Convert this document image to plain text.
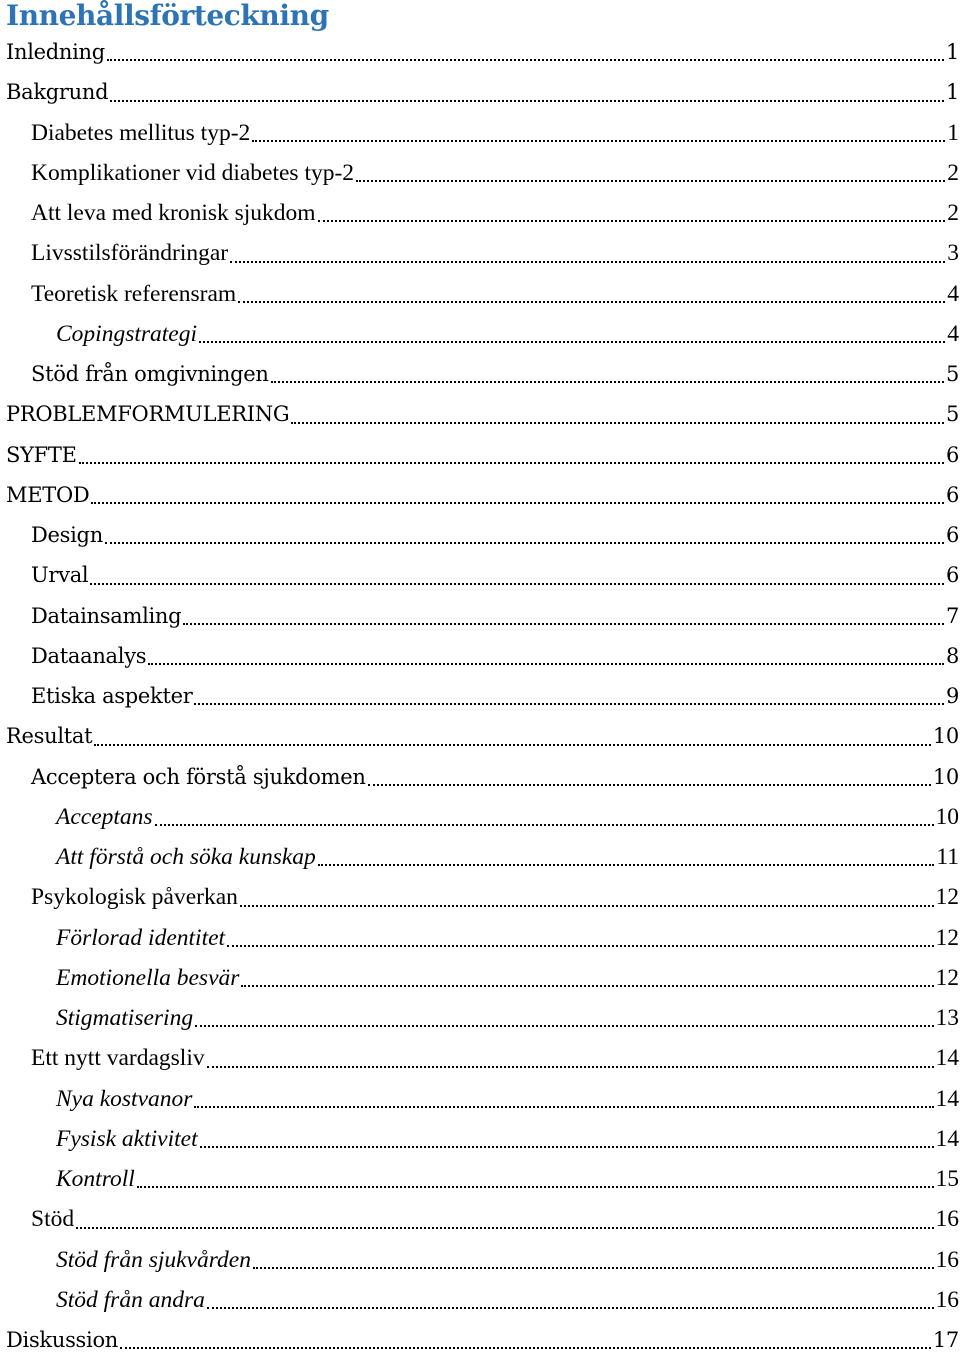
Innehållsförteckning
Inledning	1
Bakgrund	1
Diabetes mellitus typ-2	1
Komplikationer vid diabetes typ-2	2
Att leva med kronisk sjukdom	2
Livsstilsförändringar	3
Teoretisk referensram	4
Copingstrategi	4
Stöd från omgivningen	5
PROBLEMFORMULERING	5
SYFTE	6
METOD	6
Design	6
Urval	6
Datainsamling	7
Dataanalys	8
Etiska aspekter	9
Resultat	10
Acceptera och förstå sjukdomen	10
Acceptans	10
Att förstå och söka kunskap	11
Psykologisk påverkan	12
Förlorad identitet	12
Emotionella besvär	12
Stigmatisering	13
Ett nytt vardagsliv	14
Nya kostvanor	14
Fysisk aktivitet	14
Kontroll	15
Stöd	16
Stöd från sjukvården	16
Stöd från andra	16
Diskussion	17
